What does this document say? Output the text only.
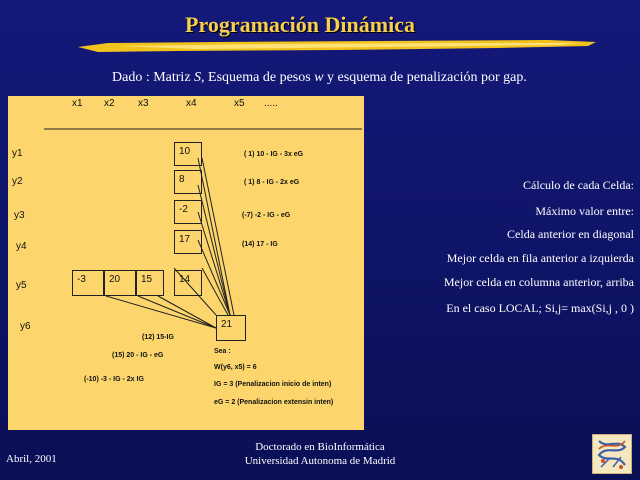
Programación Dinámica
Dado : Matriz S, Esquema de pesos w y esquema de penalización por gap.
x1 x2 x3	x4	x5 .....
y1
y2
y3
y4
y5
y6
10
8
-2
17
14
-3	20	15
21
( 1) 10 - IG - 3x eG
( 1) 8 - IG - 2x eG
(-7) -2 - IG - eG
(14) 17 - IG
(12) 15-IG
(15) 20 - IG - eG
(-10) -3 - IG - 2x IG
Sea :
W(y6, x5) = 6
IG = 3 (Penalizacion inicio de inten)
eG = 2 (Penalizacion extensin inten)
Cálculo de cada Celda:
Máximo valor entre:
Celda anterior en diagonal
Mejor celda en fila anterior a izquierda
Mejor celda en columna anterior, arriba
En el caso LOCAL; Si,j= max(Si,j , 0 )
Abril, 2001
Doctorado en BioInformática
Universidad Autonoma de Madrid
